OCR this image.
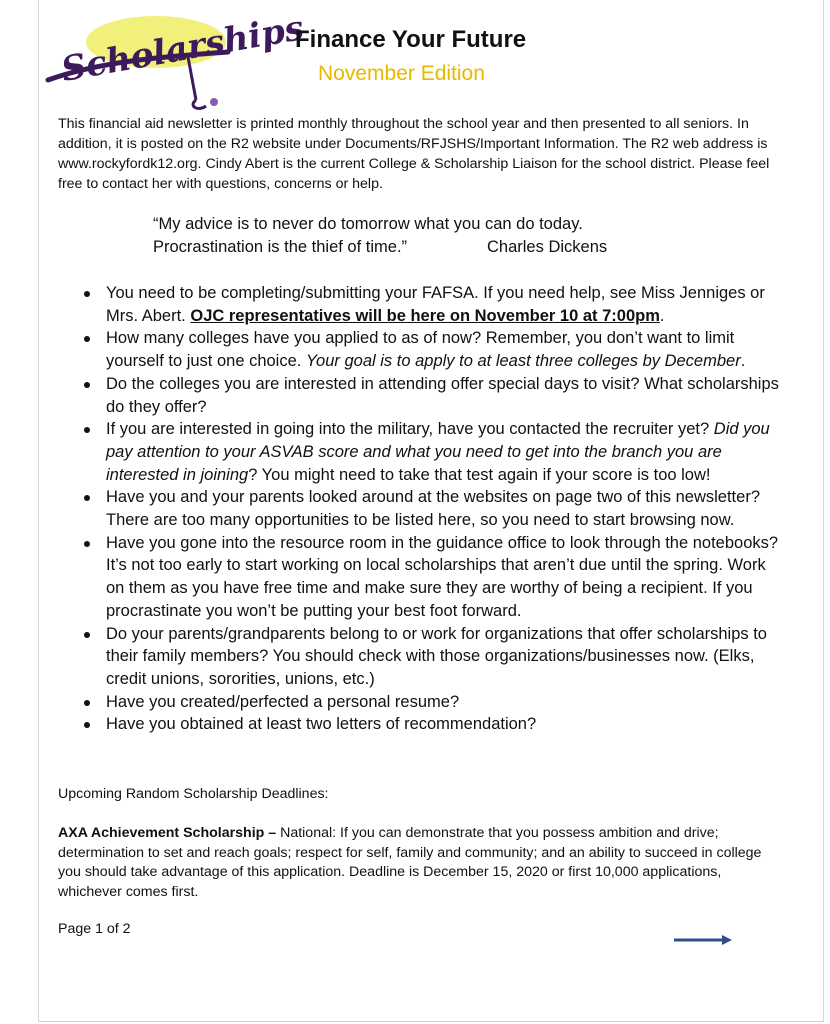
Scholarships
Finance Your Future
November Edition
This financial aid newsletter is printed monthly throughout the school year and then presented to all seniors. In addition, it is posted on the R2 website under Documents/RFJSHS/Important Information. The R2 web address is www.rockyfordk12.org. Cindy Abert is the current College & Scholarship Liaison for the school district. Please feel free to contact her with questions, concerns or help.
“My advice is to never do tomorrow what you can do today.
Procrastination is the thief of time.”	Charles Dickens
You need to be completing/submitting your FAFSA. If you need help, see Miss Jenniges or Mrs. Abert. OJC representatives will be here on November 10 at 7:00pm.
How many colleges have you applied to as of now? Remember, you don’t want to limit yourself to just one choice. Your goal is to apply to at least three colleges by December.
Do the colleges you are interested in attending offer special days to visit? What scholarships do they offer?
If you are interested in going into the military, have you contacted the recruiter yet? Did you pay attention to your ASVAB score and what you need to get into the branch you are interested in joining? You might need to take that test again if your score is too low!
Have you and your parents looked around at the websites on page two of this newsletter? There are too many opportunities to be listed here, so you need to start browsing now.
Have you gone into the resource room in the guidance office to look through the notebooks? It’s not too early to start working on local scholarships that aren’t due until the spring. Work on them as you have free time and make sure they are worthy of being a recipient. If you procrastinate you won’t be putting your best foot forward.
Do your parents/grandparents belong to or work for organizations that offer scholarships to their family members? You should check with those organizations/businesses now. (Elks, credit unions, sororities, unions, etc.)
Have you created/perfected a personal resume?
Have you obtained at least two letters of recommendation?
Upcoming Random Scholarship Deadlines:
AXA Achievement Scholarship – National: If you can demonstrate that you possess ambition and drive; determination to set and reach goals; respect for self, family and community; and an ability to succeed in college you should take advantage of this application. Deadline is December 15, 2020 or first 10,000 applications, whichever comes first.
Page 1 of 2
